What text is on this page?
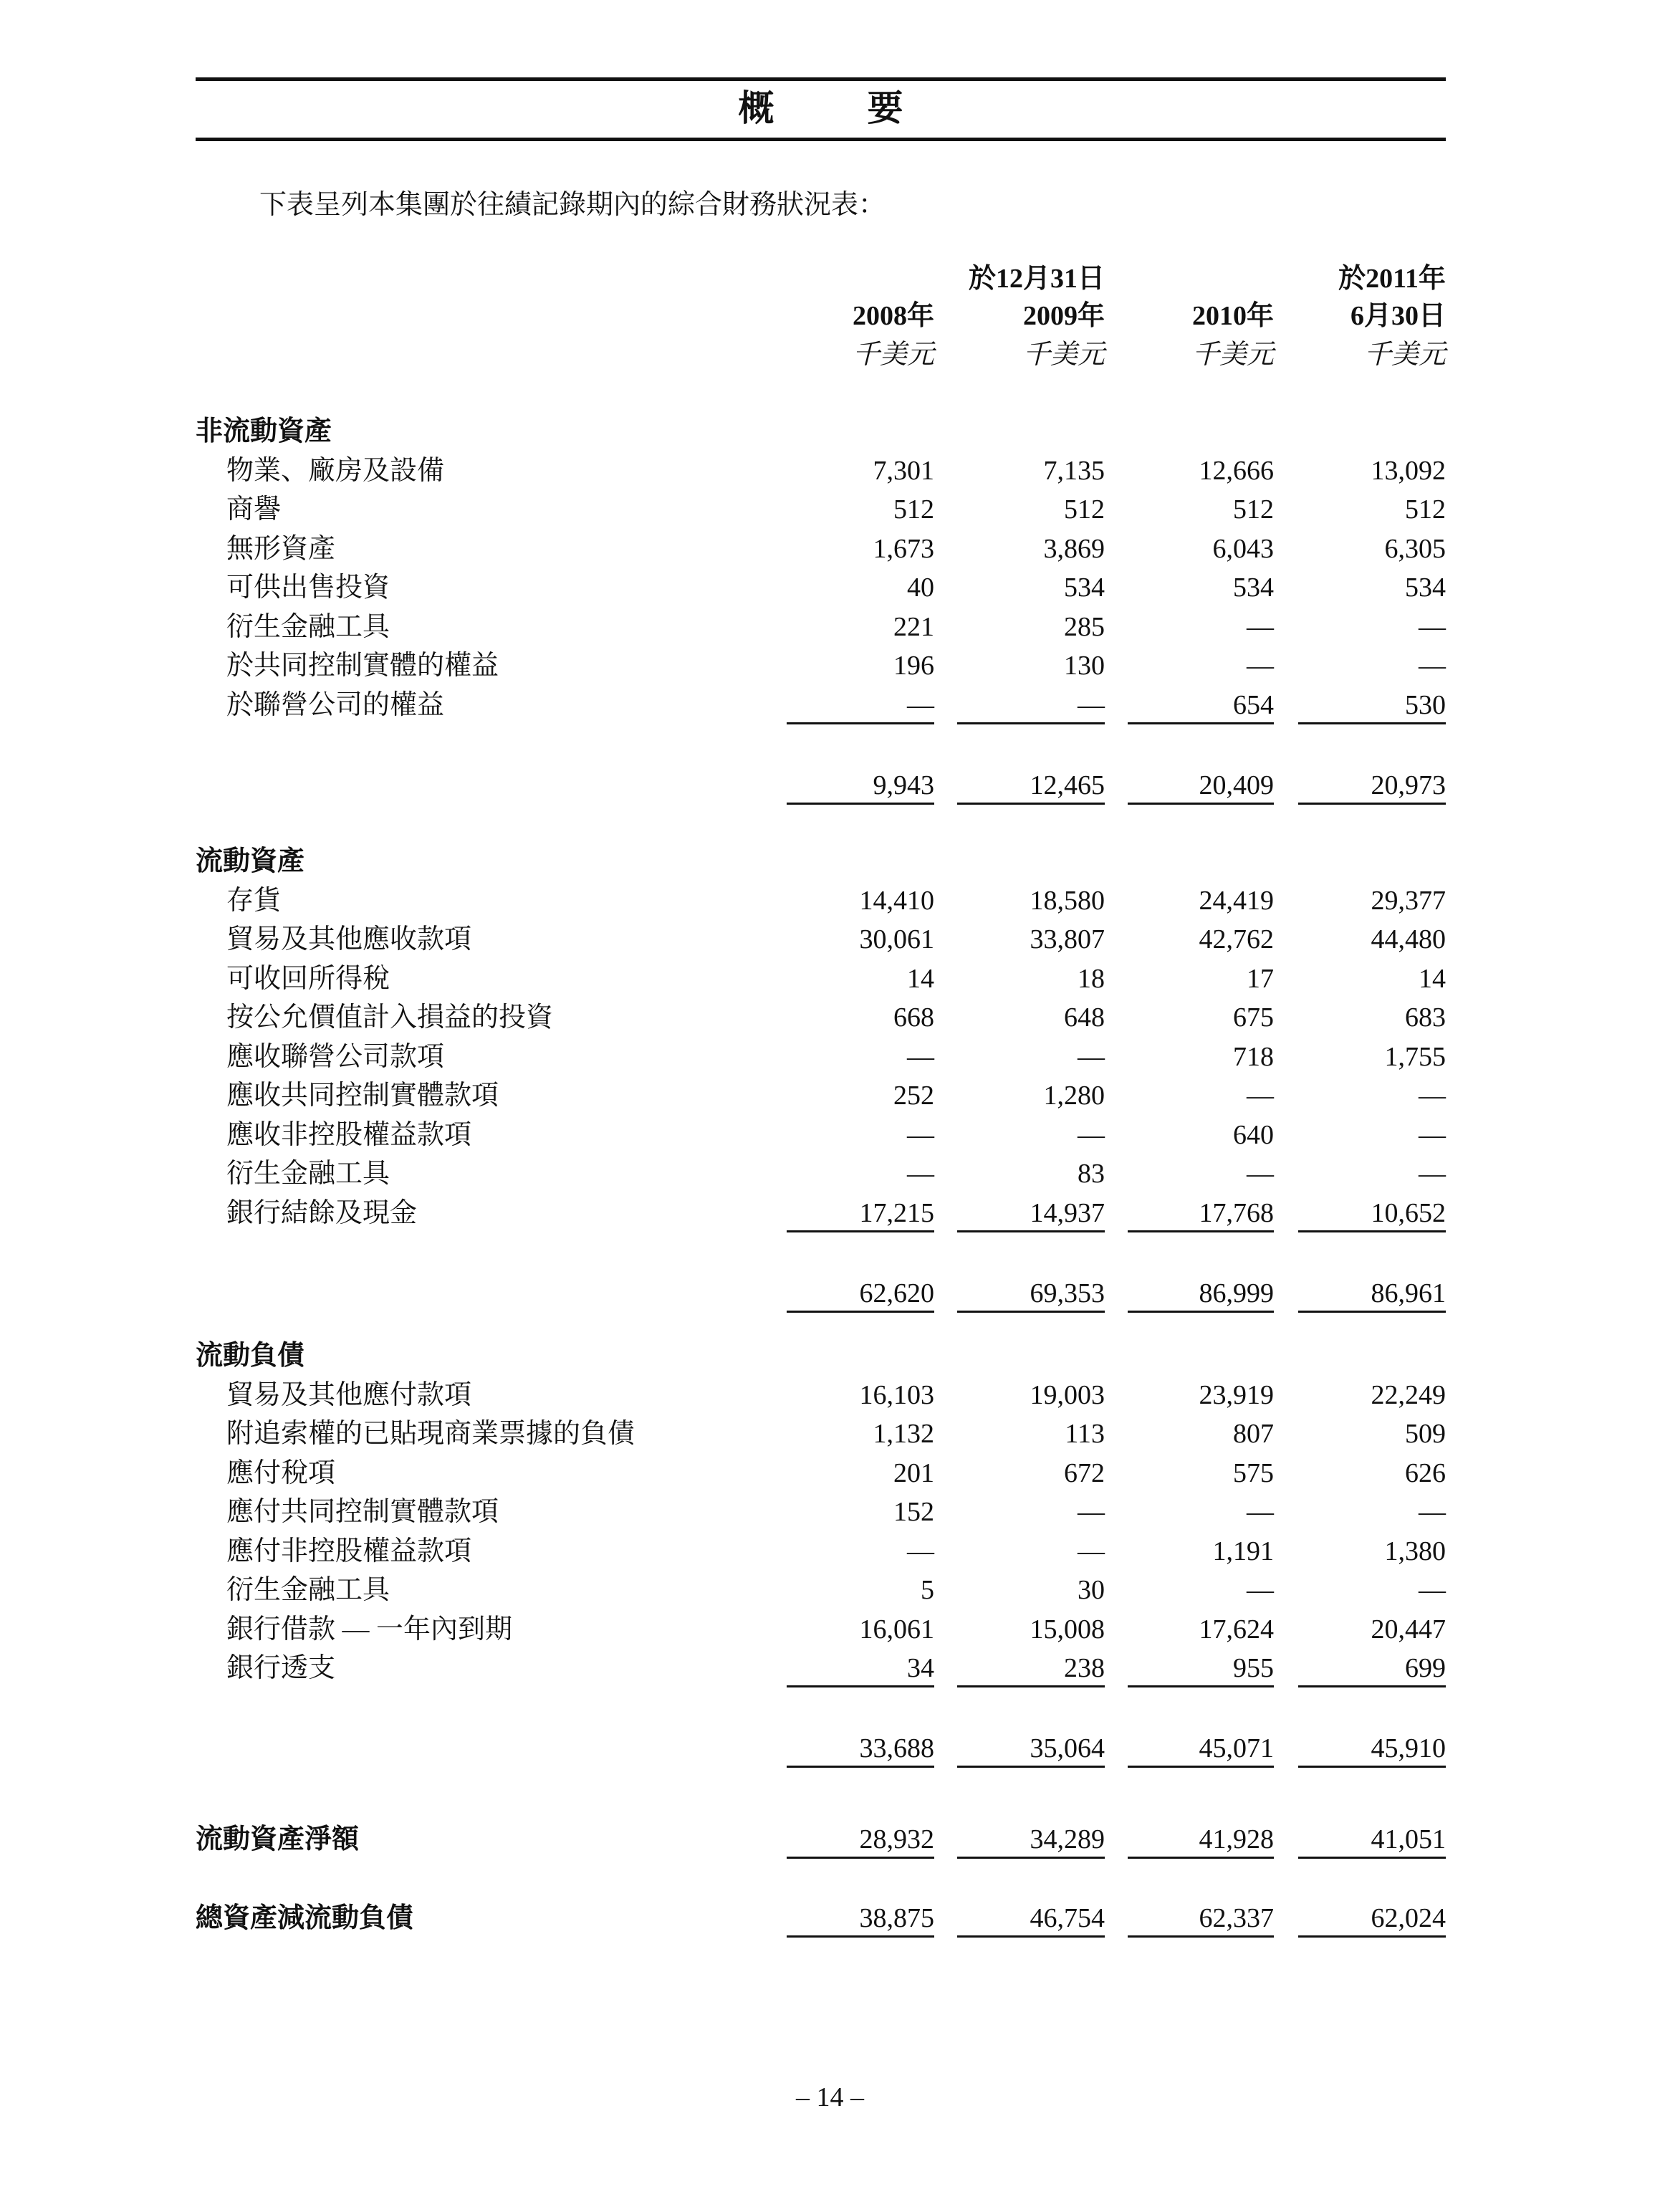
概　要
下表呈列本集團於往績記錄期內的綜合財務狀況表：
於12月31日	於2011年
2008年	2009年	2010年	6月30日
千美元	千美元	千美元	千美元
非流動資產
物業、廠房及設備	7,301	7,135	12,666	13,092
商譽	512	512	512	512
無形資產	1,673	3,869	6,043	6,305
可供出售投資	40	534	534	534
衍生金融工具	221	285	—	—
於共同控制實體的權益	196	130	—	—
於聯營公司的權益	—	—	654	530
9,943	12,465	20,409	20,973
流動資產
存貨	14,410	18,580	24,419	29,377
貿易及其他應收款項	30,061	33,807	42,762	44,480
可收回所得稅	14	18	17	14
按公允價值計入損益的投資	668	648	675	683
應收聯營公司款項	—	—	718	1,755
應收共同控制實體款項	252	1,280	—	—
應收非控股權益款項	—	—	640	—
衍生金融工具	—	83	—	—
銀行結餘及現金	17,215	14,937	17,768	10,652
62,620	69,353	86,999	86,961
流動負債
貿易及其他應付款項	16,103	19,003	23,919	22,249
附追索權的已貼現商業票據的負債	1,132	113	807	509
應付稅項	201	672	575	626
應付共同控制實體款項	152	—	—	—
應付非控股權益款項	—	—	1,191	1,380
衍生金融工具	5	30	—	—
銀行借款 — 一年內到期	16,061	15,008	17,624	20,447
銀行透支	34	238	955	699
33,688	35,064	45,071	45,910
流動資產淨額	28,932	34,289	41,928	41,051
總資產減流動負債	38,875	46,754	62,337	62,024
– 14 –
